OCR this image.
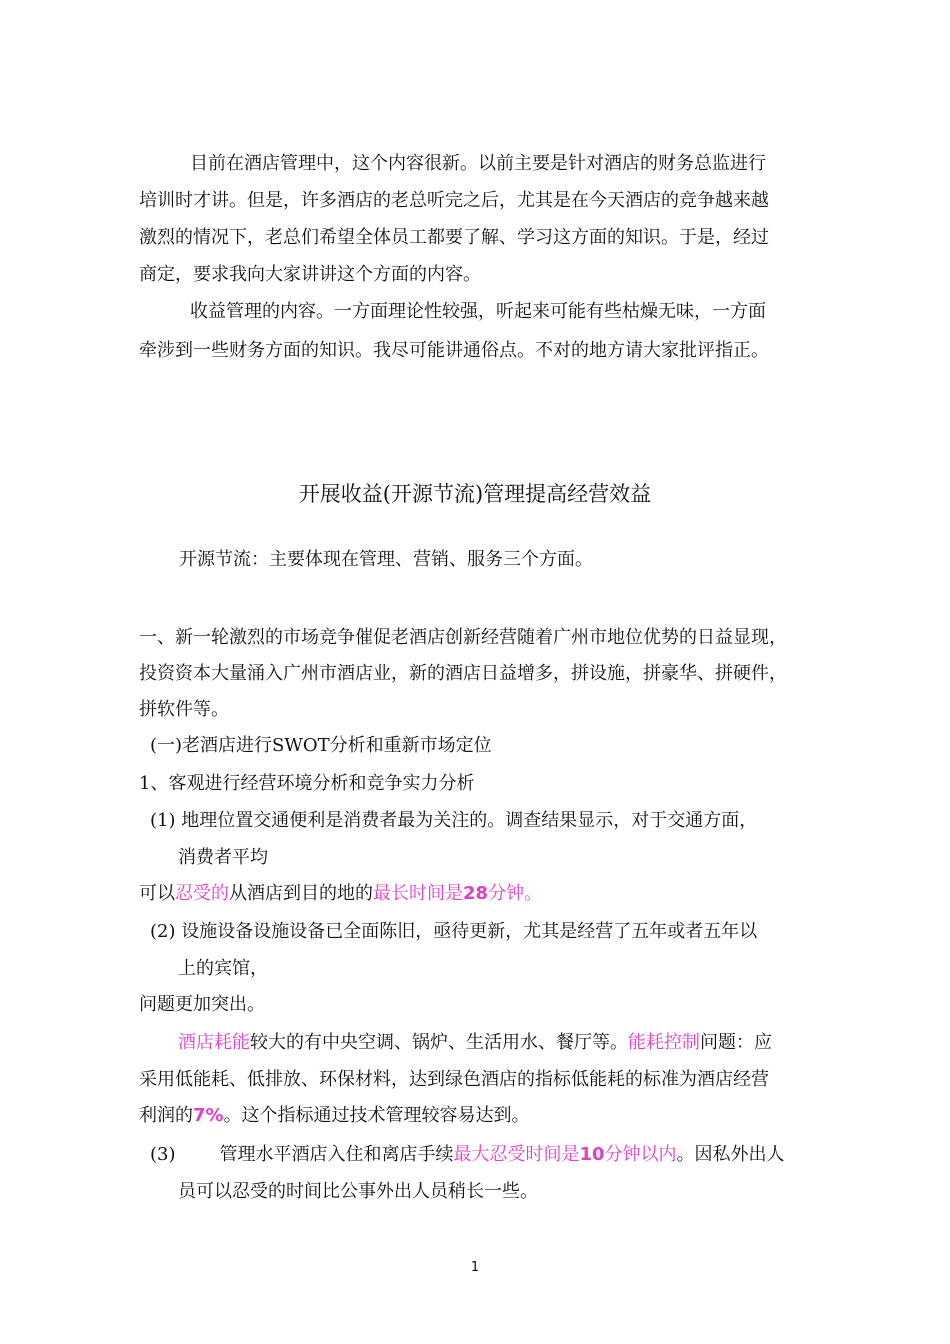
目前在酒店管理中，这个内容很新。以前主要是针对酒店的财务总监进行
培训时才讲。但是，许多酒店的老总听完之后，尤其是在今天酒店的竞争越来越
激烈的情况下，老总们希望全体员工都要了解、学习这方面的知识。于是，经过
商定，要求我向大家讲讲这个方面的内容。
收益管理的内容。一方面理论性较强，听起来可能有些枯燥无味，一方面
牵涉到一些财务方面的知识。我尽可能讲通俗点。不对的地方请大家批评指正。
开展收益(开源节流)管理提高经营效益
开源节流：主要体现在管理、营销、服务三个方面。
一、新一轮激烈的市场竞争催促老酒店创新经营随着广州市地位优势的日益显现，
投资资本大量涌入广州市酒店业，新的酒店日益增多，拼设施，拼豪华、拼硬件，
拼软件等。
(一)老酒店进行SWOT分析和重新市场定位
1、客观进行经营环境分析和竞争实力分析
(1) 地理位置交通便利是消费者最为关注的。调查结果显示，对于交通方面，
消费者平均
可以忍受的从酒店到目的地的最长时间是28分钟。
(2) 设施设备设施设备已全面陈旧，亟待更新，尤其是经营了五年或者五年以
上的宾馆，
问题更加突出。
酒店耗能较大的有中央空调、锅炉、生活用水、餐厅等。能耗控制问题：应
采用低能耗、低排放、环保材料，达到绿色酒店的指标低能耗的标准为酒店经营
利润的7%。这个指标通过技术管理较容易达到。
(3) 管理水平酒店入住和离店手续最大忍受时间是10分钟以内。因私外出人
员可以忍受的时间比公事外出人员稍长一些。
1
